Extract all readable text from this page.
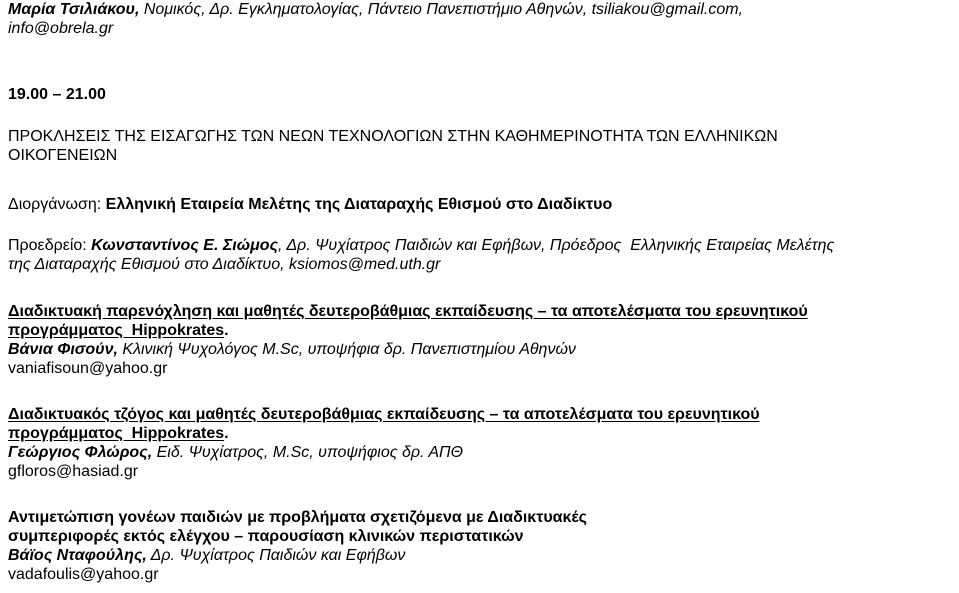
Μαρία Τσιλιάκου, Νομικός, Δρ. Εγκληματολογίας, Πάντειο Πανεπιστήμιο Αθηνών, tsiliakou@gmail.com,
info@obrela.gr

19.00 – 21.00

ΠΡΟΚΛΗΣΕΙΣ ΤΗΣ ΕΙΣΑΓΩΓΗΣ ΤΩΝ ΝΕΩΝ ΤΕΧΝΟΛΟΓΙΩΝ ΣΤΗΝ ΚΑΘΗΜΕΡΙΝΟΤΗΤΑ ΤΩΝ ΕΛΛΗΝΙΚΩΝ
ΟΙΚΟΓΕΝΕΙΩΝ

Διοργάνωση: Ελληνική Εταιρεία Μελέτης της Διαταραχής Εθισμού στο Διαδίκτυο

Προεδρείο: Κωνσταντίνος Ε. Σιώμος, Δρ. Ψυχίατρος Παιδιών και Εφήβων, Πρόεδρος  Ελληνικής Εταιρείας Μελέτης
της Διαταραχής Εθισμού στο Διαδίκτυο, ksiomos@med.uth.gr

Διαδικτυακή παρενόχληση και μαθητές δευτεροβάθμιας εκπαίδευσης – τα αποτελέσματα του ερευνητικού
προγράμματος  Hippokrates.
Βάνια Φισούν, Κλινική Ψυχολόγος M.Sc, υποψήφια δρ. Πανεπιστημίου Αθηνών
vaniafisoun@yahoo.gr
Διαδικτυακός τζόγος και μαθητές δευτεροβάθμιας εκπαίδευσης – τα αποτελέσματα του ερευνητικού
προγράμματος  Hippokrates.
Γεώργιος Φλώρος, Ειδ. Ψυχίατρος, M.Sc, υποψήφιος δρ. ΑΠΘ
gfloros@hasiad.gr
Αντιμετώπιση γονέων παιδιών με προβλήματα σχετιζόμενα με Διαδικτυακές
συμπεριφορές εκτός ελέγχου – παρουσίαση κλινικών περιστατικών
Βάϊος Νταφούλης, Δρ. Ψυχίατρος Παιδιών και Εφήβων
vadafoulis@yahoo.gr
